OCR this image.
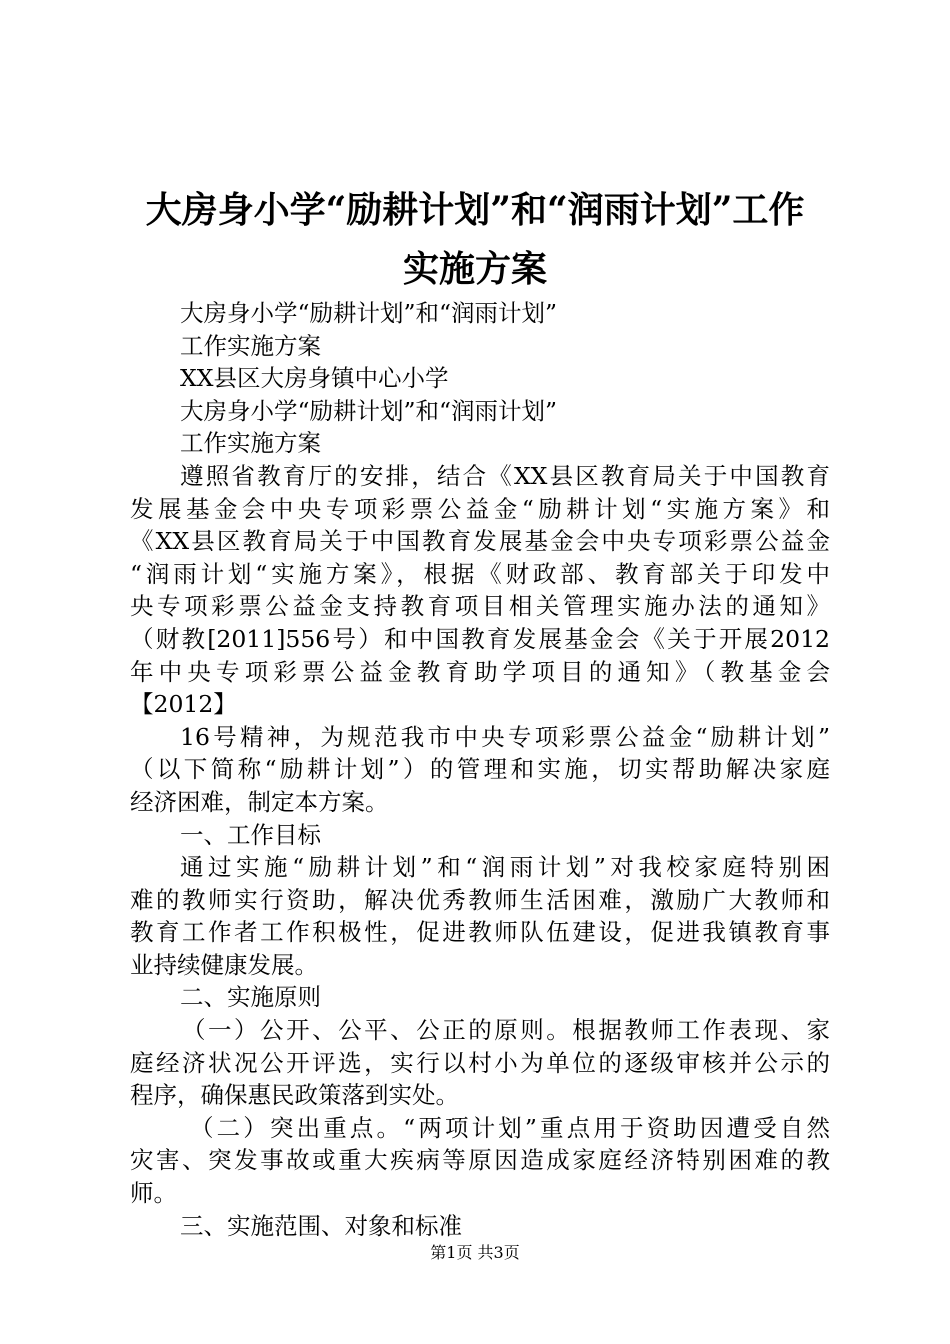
大房身小学“励耕计划”和“润雨计划”工作
实施方案
大房身小学“励耕计划”和“润雨计划”
工作实施方案
XX县区大房身镇中心小学
大房身小学“励耕计划”和“润雨计划”
工作实施方案
遵照省教育厅的安排，结合《XX县区教育局关于中国教育
发展基金会中央专项彩票公益金“励耕计划“实施方案》和
《XX县区教育局关于中国教育发展基金会中央专项彩票公益金
“润雨计划“实施方案》，根据《财政部、教育部关于印发中
央专项彩票公益金支持教育项目相关管理实施办法的通知》
（财教[2011]556号）和中国教育发展基金会《关于开展2012
年中央专项彩票公益金教育助学项目的通知》（教基金会
【2012】
16号精神，为规范我市中央专项彩票公益金“励耕计划”
（以下简称“励耕计划”）的管理和实施，切实帮助解决家庭
经济困难，制定本方案。
一、工作目标
通过实施“励耕计划”和“润雨计划”对我校家庭特别困
难的教师实行资助，解决优秀教师生活困难，激励广大教师和
教育工作者工作积极性，促进教师队伍建设，促进我镇教育事
业持续健康发展。
二、实施原则
（一）公开、公平、公正的原则。根据教师工作表现、家
庭经济状况公开评选，实行以村小为单位的逐级审核并公示的
程序，确保惠民政策落到实处。
（二）突出重点。“两项计划”重点用于资助因遭受自然
灾害、突发事故或重大疾病等原因造成家庭经济特别困难的教
师。
三、实施范围、对象和标准
第1页 共3页
